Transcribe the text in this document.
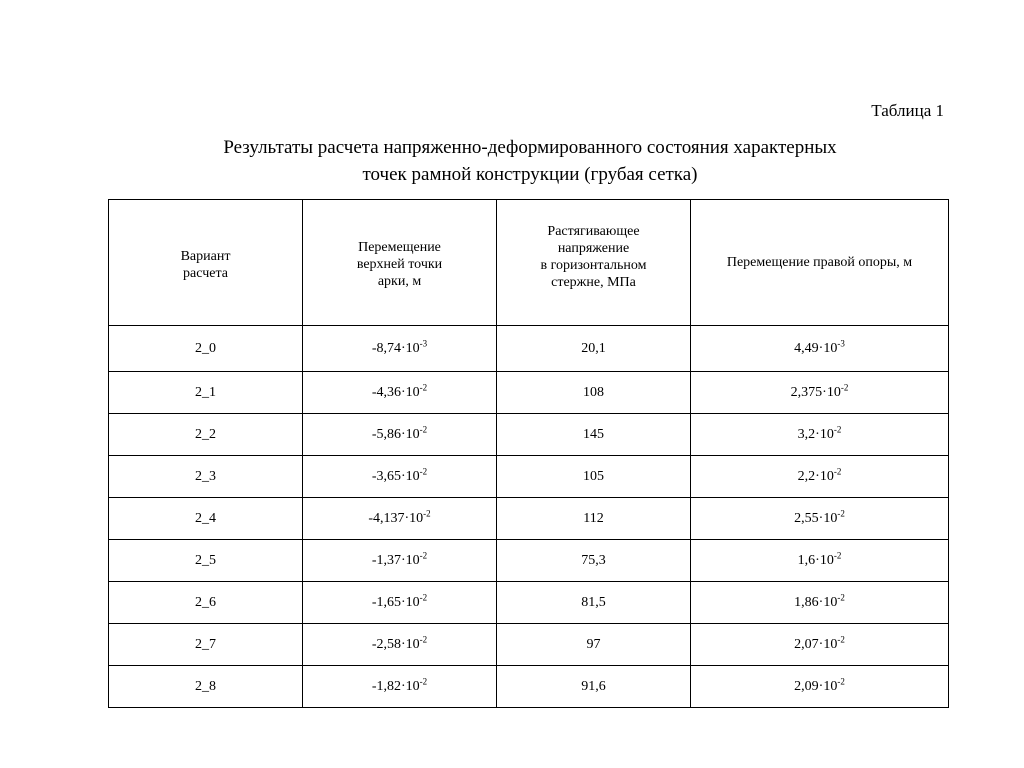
Таблица 1
Результаты расчета напряженно-деформированного состояния характерных
точек рамной конструкции (грубая сетка)
Вариант
расчета	Перемещение
верхней точки
арки, м	Растягивающее
напряжение
в горизонтальном
стержне, МПа	Перемещение правой опоры, м

2_0	$-8,74\cdot 10^{-3}$	20,1	$4,49\cdot 10^{-3}$
2_1	$-4,36\cdot 10^{-2}$	108	$2,375\cdot 10^{-2}$
2_2	$-5,86\cdot 10^{-2}$	145	$3,2\cdot 10^{-2}$
2_3	$-3,65\cdot 10^{-2}$	105	$2,2\cdot 10^{-2}$
2_4	$-4,137\cdot 10^{-2}$	112	$2,55\cdot 10^{-2}$
2_5	$-1,37\cdot 10^{-2}$	75,3	$1,6\cdot 10^{-2}$
2_6	$-1,65\cdot 10^{-2}$	81,5	$1,86\cdot 10^{-2}$
2_7	$-2,58\cdot 10^{-2}$	97	$2,07\cdot 10^{-2}$
2_8	$-1,82\cdot 10^{-2}$	91,6	$2,09\cdot 10^{-2}$
